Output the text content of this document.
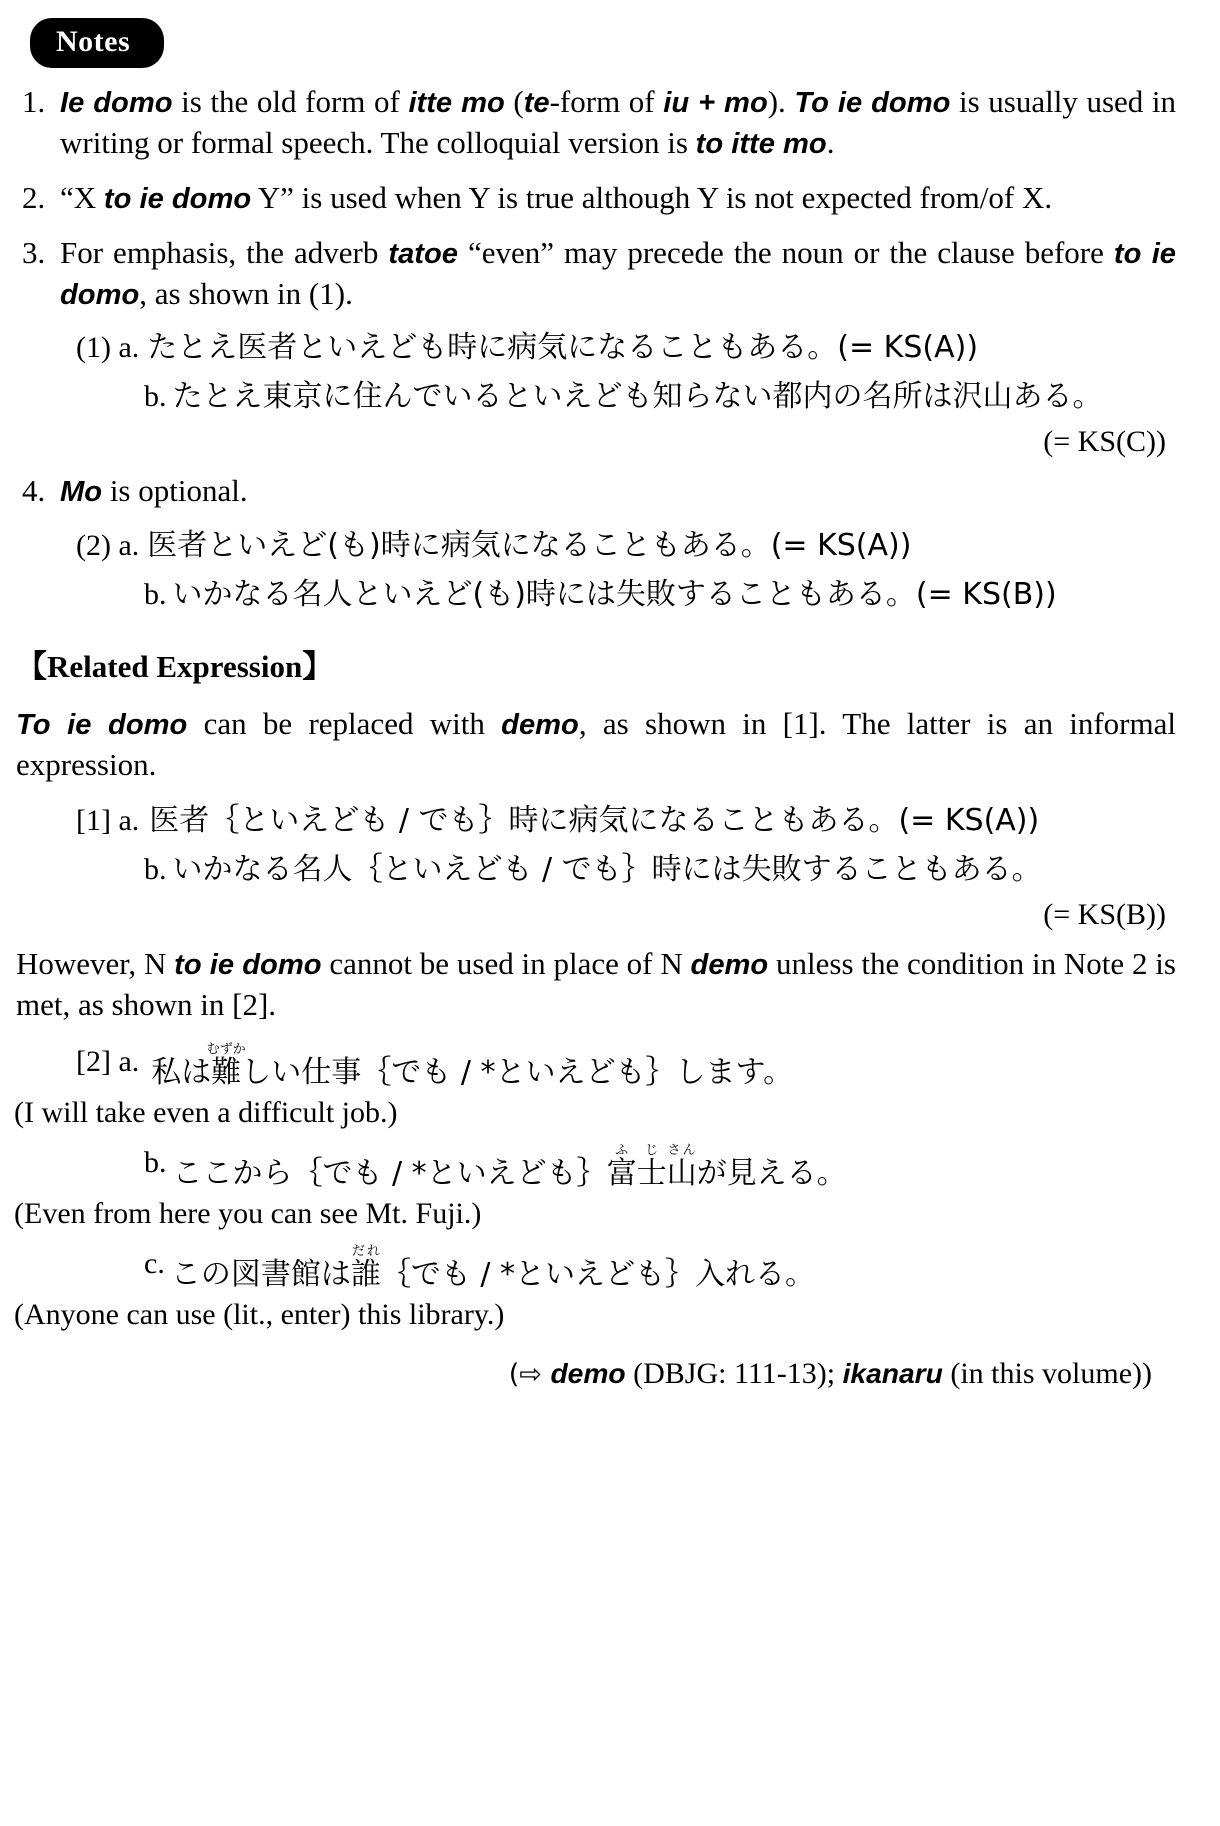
Notes
1. Ie domo is the old form of itte mo (te-form of iu + mo). To ie domo is usually used in writing or formal speech. The colloquial version is to itte mo.
2. “X to ie domo Y” is used when Y is true although Y is not expected from/of X.
3. For emphasis, the adverb tatoe “even” may precede the noun or the clause before to ie domo, as shown in (1).
(1) a. たとえ医者といえども時に病気になることもある。(= KS(A))
b. たとえ東京に住んでいるといえども知らない都内の名所は沢山ある。
(= KS(C))
4. Mo is optional.
(2) a. 医者といえど(も)時に病気になることもある。(= KS(A))
b. いかなる名人といえど(も)時には失敗することもある。(= KS(B))
【Related Expression】
To ie domo can be replaced with demo, as shown in [1]. The latter is an informal expression.
[1] a. 医者｛といえども / でも｝時に病気になることもある。(= KS(A))
b. いかなる名人｛といえども / でも｝時には失敗することもある。
(= KS(B))
However, N to ie domo cannot be used in place of N demo unless the condition in Note 2 is met, as shown in [2].
[2] a. 私は難むずかしい仕事｛でも / *といえども｝します。
(I will take even a difficult job.)
b. ここから｛でも / *といえども｝富ふ士じ山さんが見える。
(Even from here you can see Mt. Fuji.)
c. この図書館は誰だれ｛でも / *といえども｝入れる。
(Anyone can use (lit., enter) this library.)
(⇨ demo (DBJG: 111-13); ikanaru (in this volume))
